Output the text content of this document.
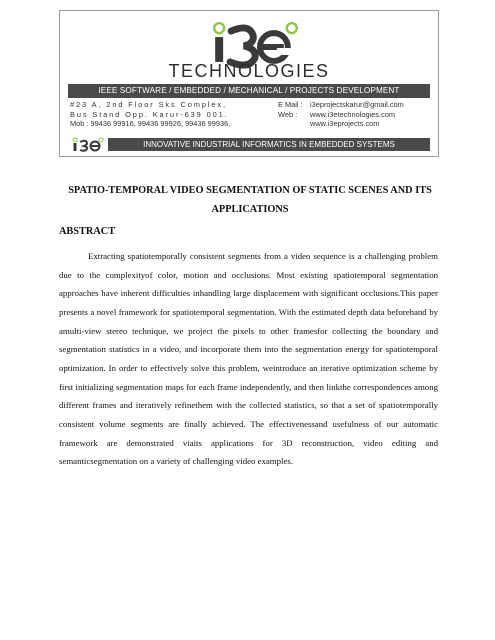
TECHNOLOGIES
IEEE SOFTWARE / EMBEDDED / MECHANICAL / PROJECTS DEVELOPMENT
#23 A, 2nd Floor Sks Complex,
Bus Stand Opp. Karur-639 001.
Mob : 99436 99916, 99436 99926, 99436 99936,
E Mail : i3eprojectskarur@gmail.com
Web : www.i3etechnologies.com
www.i3eprojects.com
INNOVATIVE INDUSTRIAL INFORMATICS IN EMBEDDED SYSTEMS
SPATIO-TEMPORAL VIDEO SEGMENTATION OF STATIC SCENES AND ITS
APPLICATIONS
ABSTRACT
Extracting spatiotemporally consistent segments from a video sequence is a challenging problem due to the complexityof color, motion and occlusions. Most existing spatiotemporal segmentation approaches have inherent difficulties inhandling large displacement with significant occlusions.This paper presents a novel framework for spatiotemporal segmentation. With the estimated depth data beforehand by amulti-view stereo technique, we project the pixels to other framesfor collecting the boundary and segmentation statistics in a video, and incorporate them into the segmentation energy for spatiotemporal optimization. In order to effectively solve this problem, weintroduce an iterative optimization scheme by first initializing segmentation maps for each frame independently, and then linkthe correspondences among different frames and iteratively refinethem with the collected statistics, so that a set of spatiotemporally consistent volume segments are finally achieved. The effectivenessand usefulness of our automatic framework are demonstrated viaits applications for 3D reconstruction, video editing and semanticsegmentation on a variety of challenging video examples.
